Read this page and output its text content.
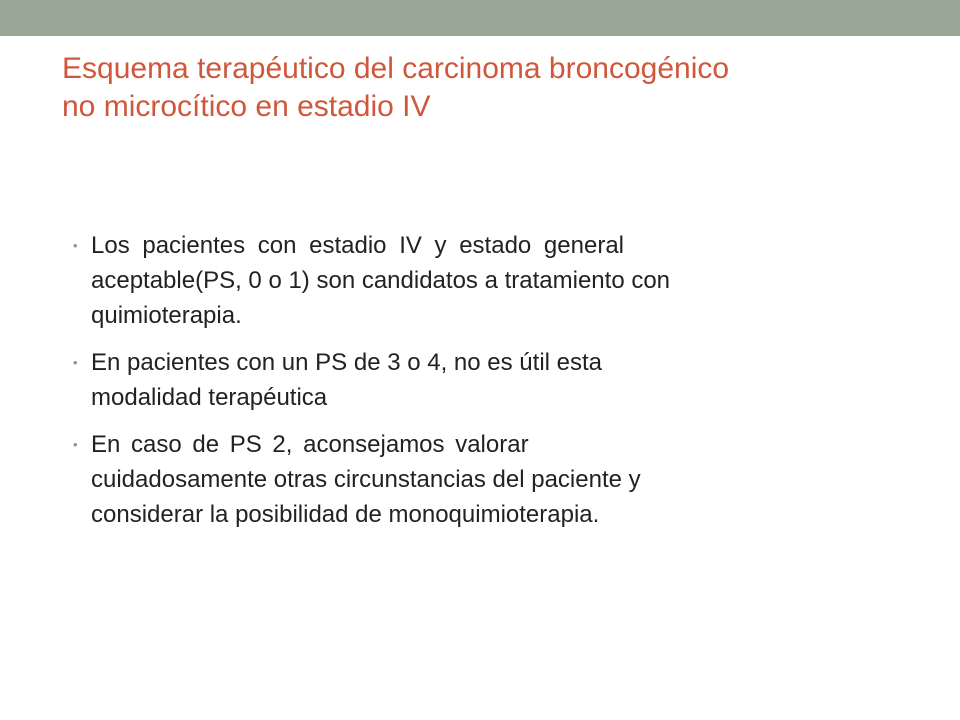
Esquema terapéutico del carcinoma broncogénico
no microcítico en estadio IV
• Los pacientes con estadio IV y estado general
aceptable(PS, 0 o 1) son candidatos a tratamiento con
quimioterapia.
• En pacientes con un PS de 3 o 4, no es útil esta
modalidad terapéutica
• En caso de PS 2, aconsejamos valorar
cuidadosamente otras circunstancias del paciente y
considerar la posibilidad de monoquimioterapia.
